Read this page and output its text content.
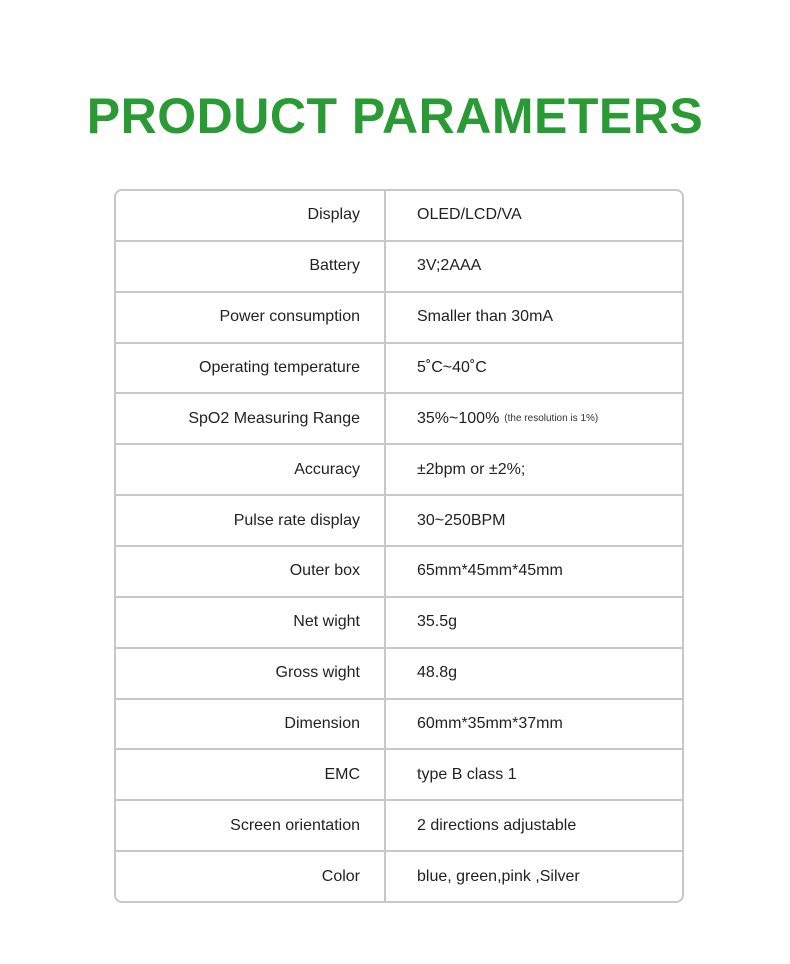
PRODUCT PARAMETERS
Display	OLED/LCD/VA
Battery	3V;2AAA
Power consumption	Smaller than 30mA
Operating temperature	5˚C~40˚C
SpO2 Measuring Range	35%~100% (the resolution is 1%)
Accuracy	±2bpm or ±2%;
Pulse rate display	30~250BPM
Outer box	65mm*45mm*45mm
Net wight	35.5g
Gross wight	48.8g
Dimension	60mm*35mm*37mm
EMC	type B class 1
Screen orientation	2 directions adjustable
Color	blue, green,pink ,Silver
